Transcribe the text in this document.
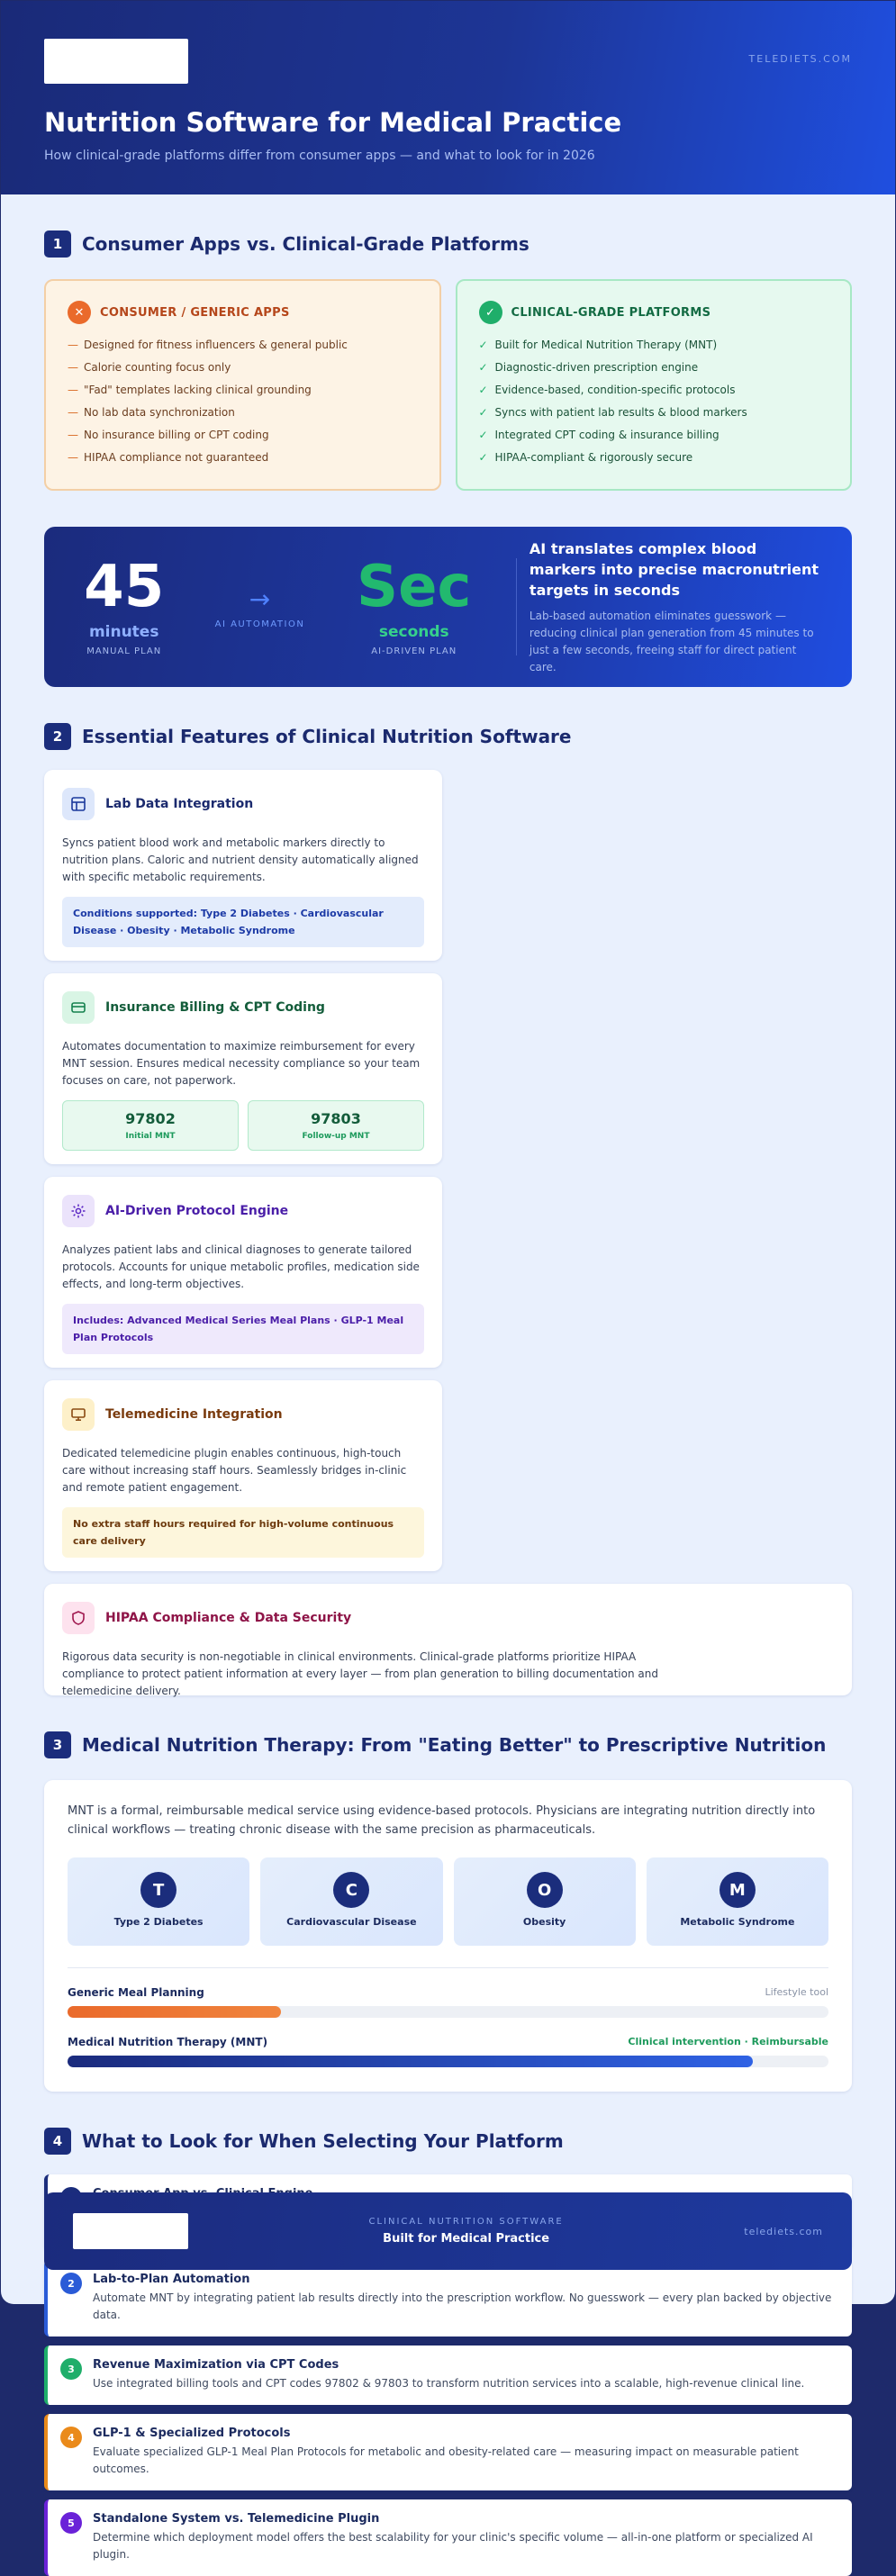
TELEDIETS.COM
Nutrition Software for Medical Practice

How clinical-grade platforms differ from consumer apps — and what to look for in 2026

1	Consumer Apps vs. Clinical-Grade Platforms
✕	CONSUMER / GENERIC APPS
— Designed for fitness influencers & general public
— Calorie counting focus only
— "Fad" templates lacking clinical grounding
— No lab data synchronization
— No insurance billing or CPT coding
— HIPAA compliance not guaranteed
✓	CLINICAL-GRADE PLATFORMS
✓ Built for Medical Nutrition Therapy (MNT)
✓ Diagnostic-driven prescription engine
✓ Evidence-based, condition-specific protocols
✓ Syncs with patient lab results & blood markers
✓ Integrated CPT coding & insurance billing
✓ HIPAA-compliant & rigorously secure
45
minutes
MANUAL PLAN
→
AI AUTOMATION
Sec
seconds
AI-DRIVEN PLAN
AI translates complex blood markers into precise macronutrient targets in seconds
Lab-based automation eliminates guesswork — reducing clinical plan generation from 45 minutes to just a few seconds, freeing staff for direct patient care.
2	Essential Features of Clinical Nutrition Software
Lab Data Integration
Syncs patient blood work and metabolic markers directly to nutrition plans. Caloric and nutrient density automatically aligned with specific metabolic requirements.
Conditions supported: Type 2 Diabetes · Cardiovascular Disease · Obesity · Metabolic Syndrome
Insurance Billing & CPT Coding
Automates documentation to maximize reimbursement for every MNT session. Ensures medical necessity compliance so your team focuses on care, not paperwork.
97802
Initial MNT
97803
Follow-up MNT
AI-Driven Protocol Engine
Analyzes patient labs and clinical diagnoses to generate tailored protocols. Accounts for unique metabolic profiles, medication side effects, and long-term objectives.
Includes: Advanced Medical Series Meal Plans · GLP-1 Meal Plan Protocols
Telemedicine Integration
Dedicated telemedicine plugin enables continuous, high-touch care without increasing staff hours. Seamlessly bridges in-clinic and remote patient engagement.
No extra staff hours required for high-volume continuous care delivery
HIPAA Compliance & Data Security
Rigorous data security is non-negotiable in clinical environments. Clinical-grade platforms prioritize HIPAA compliance to protect patient information at every layer — from plan generation to billing documentation and telemedicine delivery.
3	Medical Nutrition Therapy: From "Eating Better" to Prescriptive Nutrition

MNT is a formal, reimbursable medical service using evidence-based protocols. Physicians are integrating nutrition directly into clinical workflows — treating chronic disease with the same precision as pharmaceuticals.

T
Type 2 Diabetes
C
Cardiovascular Disease
O
Obesity
M
Metabolic Syndrome
Generic Meal Planning	Lifestyle tool
Medical Nutrition Therapy (MNT)	Clinical intervention · Reimbursable
4	What to Look for When Selecting Your Platform
2	Lab-to-Plan Automation
Automate MNT by integrating patient lab results directly into the prescription workflow. No guesswork — every plan backed by objective data.
3	Revenue Maximization via CPT Codes
Use integrated billing tools and CPT codes 97802 & 97803 to transform nutrition services into a scalable, high-revenue clinical line.
4	GLP-1 & Specialized Protocols
Evaluate specialized GLP-1 Meal Plan Protocols for metabolic and obesity-related care — measuring impact on measurable patient outcomes.
5	Standalone System vs. Telemedicine Plugin
Determine which deployment model offers the best scalability for your clinic's specific volume — all-in-one platform or specialized AI plugin.
CLINICAL NUTRITION SOFTWARE
Built for Medical Practice
telediets.com
